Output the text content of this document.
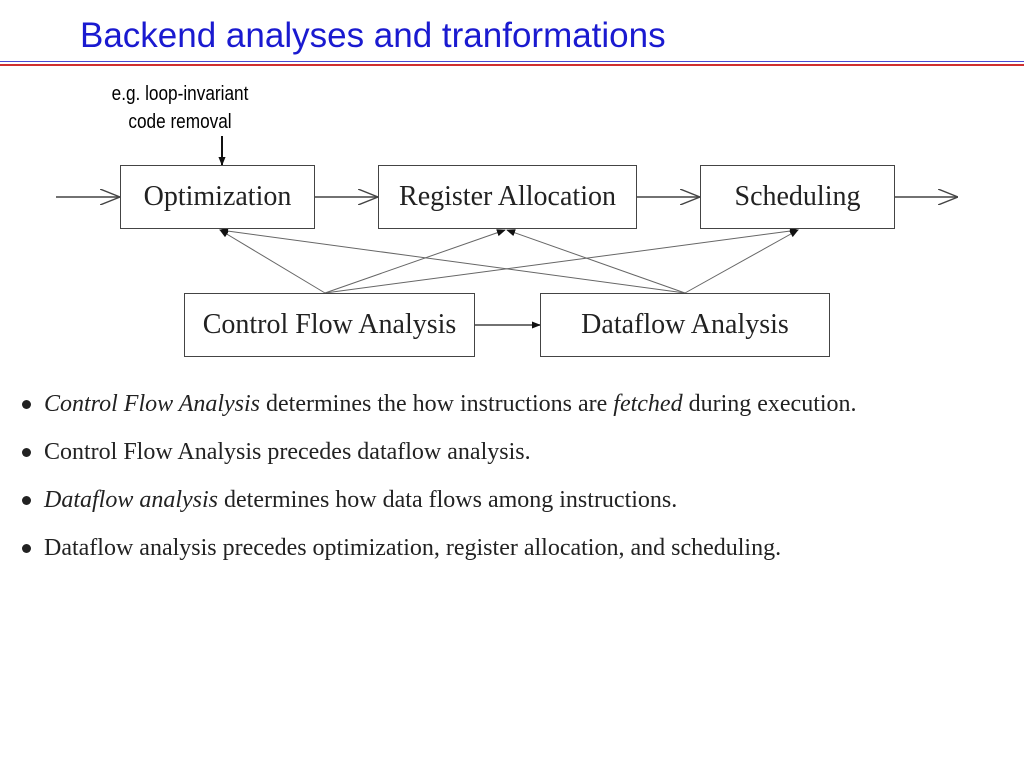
Backend analyses and tranformations
e.g. loop-invariant
code removal
Optimization	Register Allocation	Scheduling
Control Flow Analysis	Dataflow Analysis
Control Flow Analysis determines the how instructions are fetched during execution.
Control Flow Analysis precedes dataflow analysis.
Dataflow analysis determines how data flows among instructions.
Dataflow analysis precedes optimization, register allocation, and scheduling.
